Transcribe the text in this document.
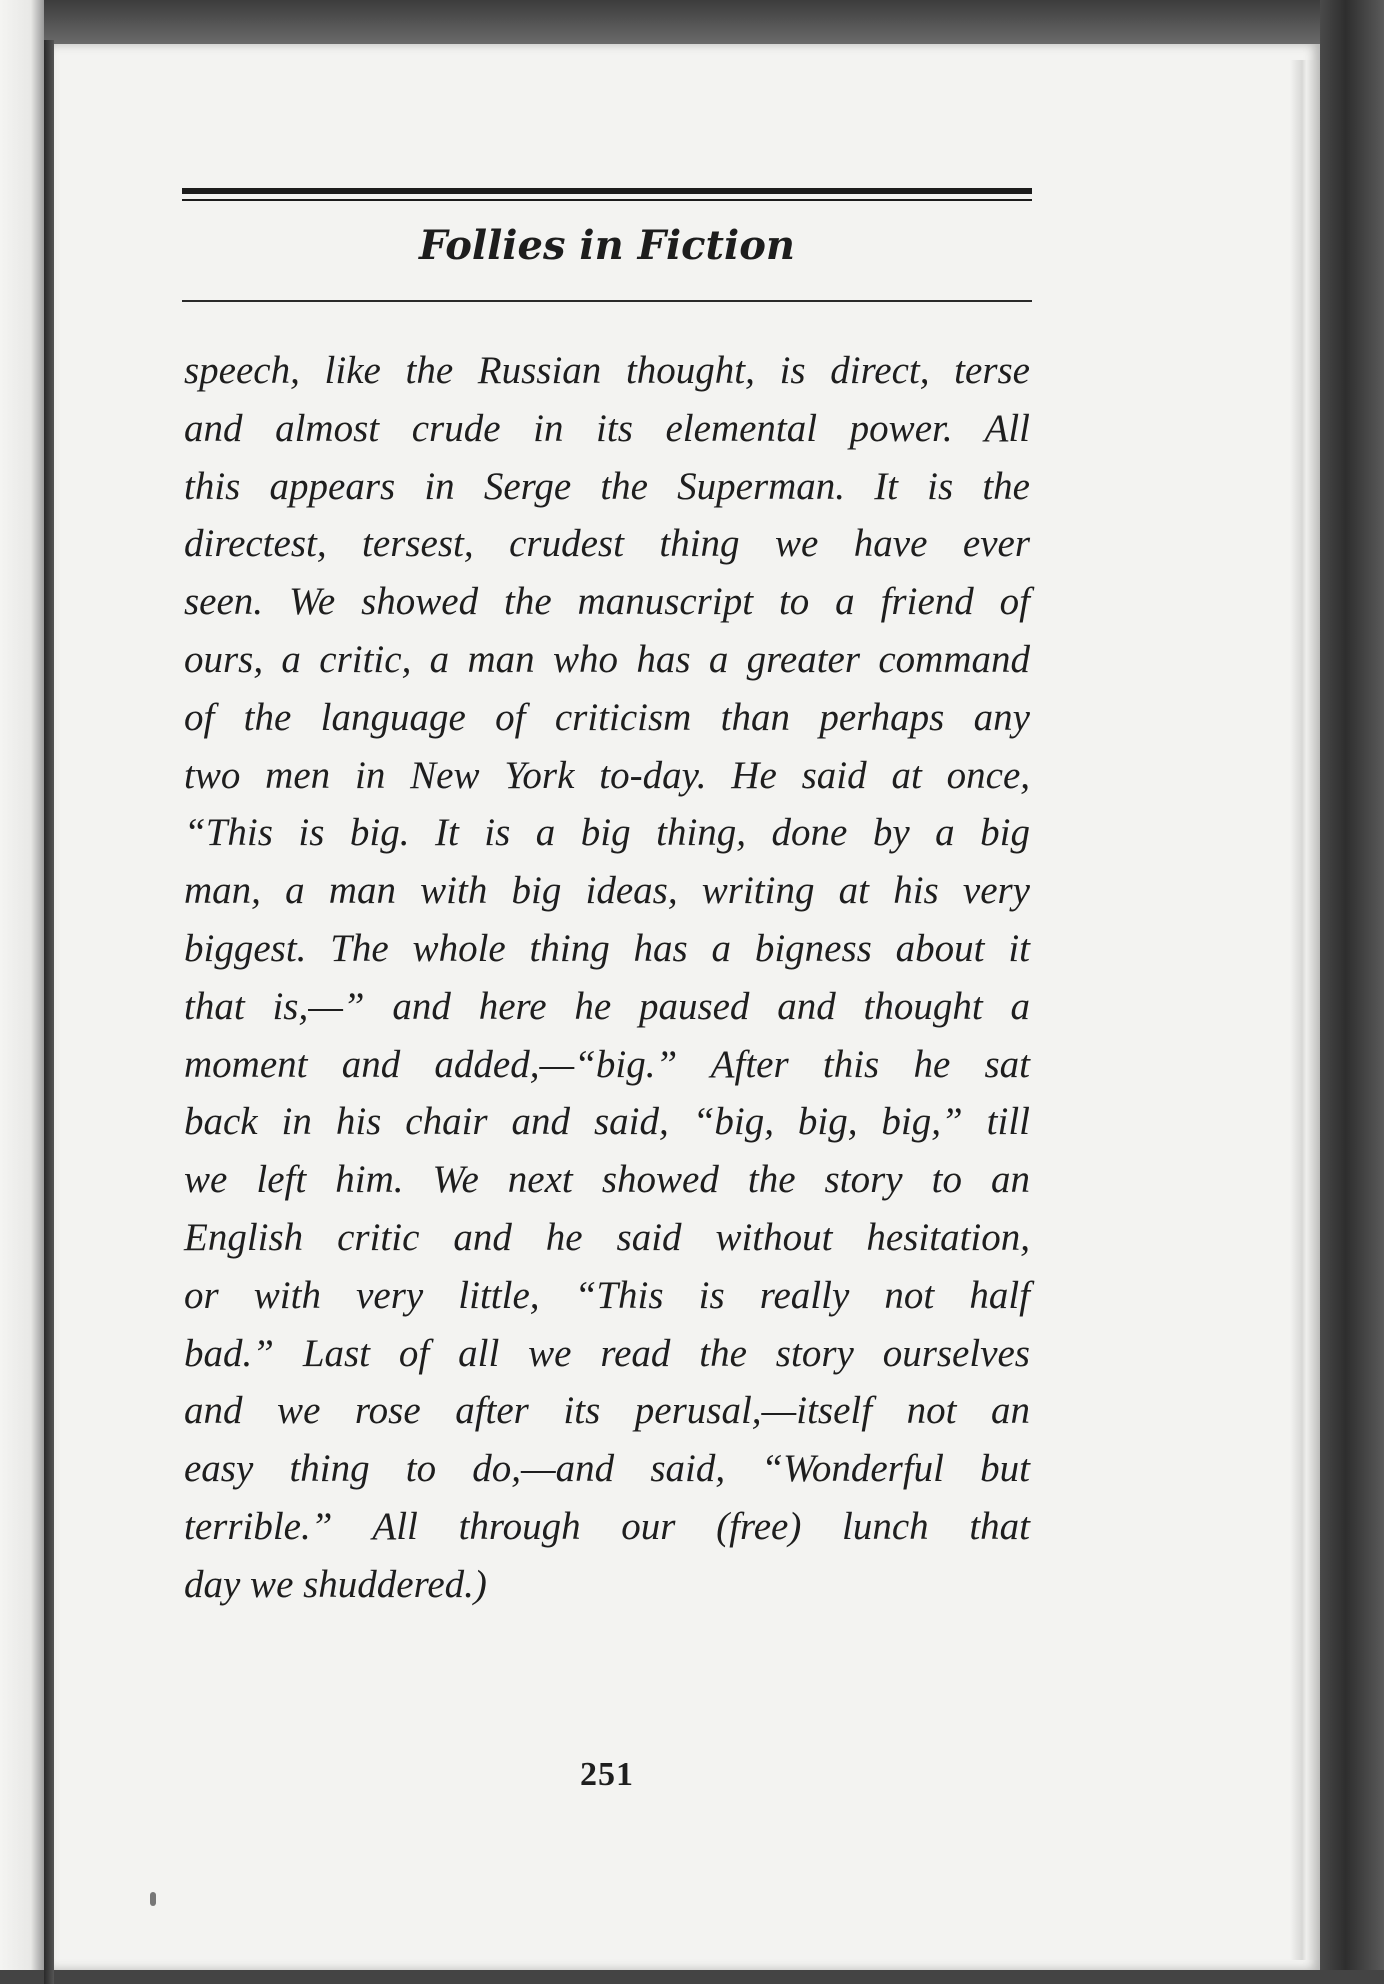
Follies in Fiction

speech, like the Russian thought, is direct, terse
and almost crude in its elemental power. All
this appears in Serge the Superman. It is the
directest, tersest, crudest thing we have ever
seen. We showed the manuscript to a friend of
ours, a critic, a man who has a greater command
of the language of criticism than perhaps any
two men in New York to-day. He said at once,
“This is big. It is a big thing, done by a big
man, a man with big ideas, writing at his very
biggest. The whole thing has a bigness about it
that is,—” and here he paused and thought a
moment and added,—“big.” After this he sat
back in his chair and said, “big, big, big,” till
we left him. We next showed the story to an
English critic and he said without hesitation,
or with very little, “This is really not half
bad.” Last of all we read the story ourselves
and we rose after its perusal,—itself not an
easy thing to do,—and said, “Wonderful but
terrible.” All through our (free) lunch that
day we shuddered.)

251
